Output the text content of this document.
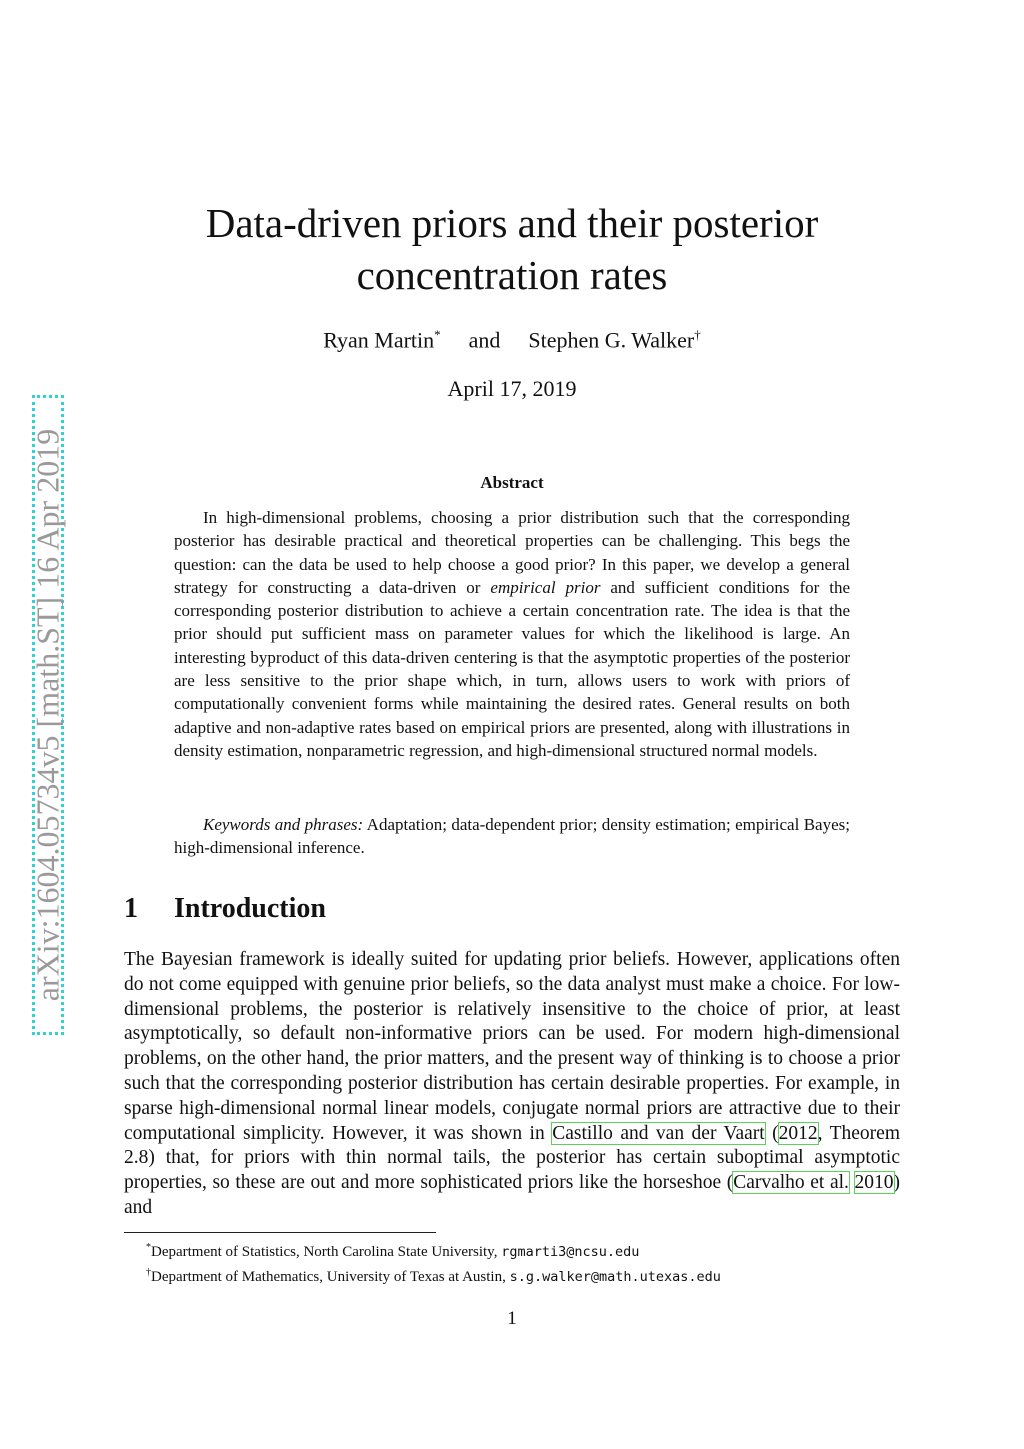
arXiv:1604.05734v5 [math.ST] 16 Apr 2019
Data-driven priors and their posterior
concentration rates
Ryan Martin* and Stephen G. Walker†
April 17, 2019
Abstract
In high-dimensional problems, choosing a prior distribution such that the corresponding posterior has desirable practical and theoretical properties can be challenging. This begs the question: can the data be used to help choose a good prior? In this paper, we develop a general strategy for constructing a data-driven or empirical prior and sufficient conditions for the corresponding posterior distribution to achieve a certain concentration rate. The idea is that the prior should put sufficient mass on parameter values for which the likelihood is large. An interesting byproduct of this data-driven centering is that the asymptotic properties of the posterior are less sensitive to the prior shape which, in turn, allows users to work with priors of computationally convenient forms while maintaining the desired rates. General results on both adaptive and non-adaptive rates based on empirical priors are presented, along with illustrations in density estimation, nonparametric regression, and high-dimensional structured normal models.
Keywords and phrases: Adaptation; data-dependent prior; density estimation; empirical Bayes; high-dimensional inference.
1 Introduction
The Bayesian framework is ideally suited for updating prior beliefs. However, applications often do not come equipped with genuine prior beliefs, so the data analyst must make a choice. For low-dimensional problems, the posterior is relatively insensitive to the choice of prior, at least asymptotically, so default non-informative priors can be used. For modern high-dimensional problems, on the other hand, the prior matters, and the present way of thinking is to choose a prior such that the corresponding posterior distribution has certain desirable properties. For example, in sparse high-dimensional normal linear models, conjugate normal priors are attractive due to their computational simplicity. However, it was shown in Castillo and van der Vaart (2012, Theorem 2.8) that, for priors with thin normal tails, the posterior has certain suboptimal asymptotic properties, so these are out and more sophisticated priors like the horseshoe (Carvalho et al. 2010) and
*Department of Statistics, North Carolina State University, rgmarti3@ncsu.edu
†Department of Mathematics, University of Texas at Austin, s.g.walker@math.utexas.edu
1
